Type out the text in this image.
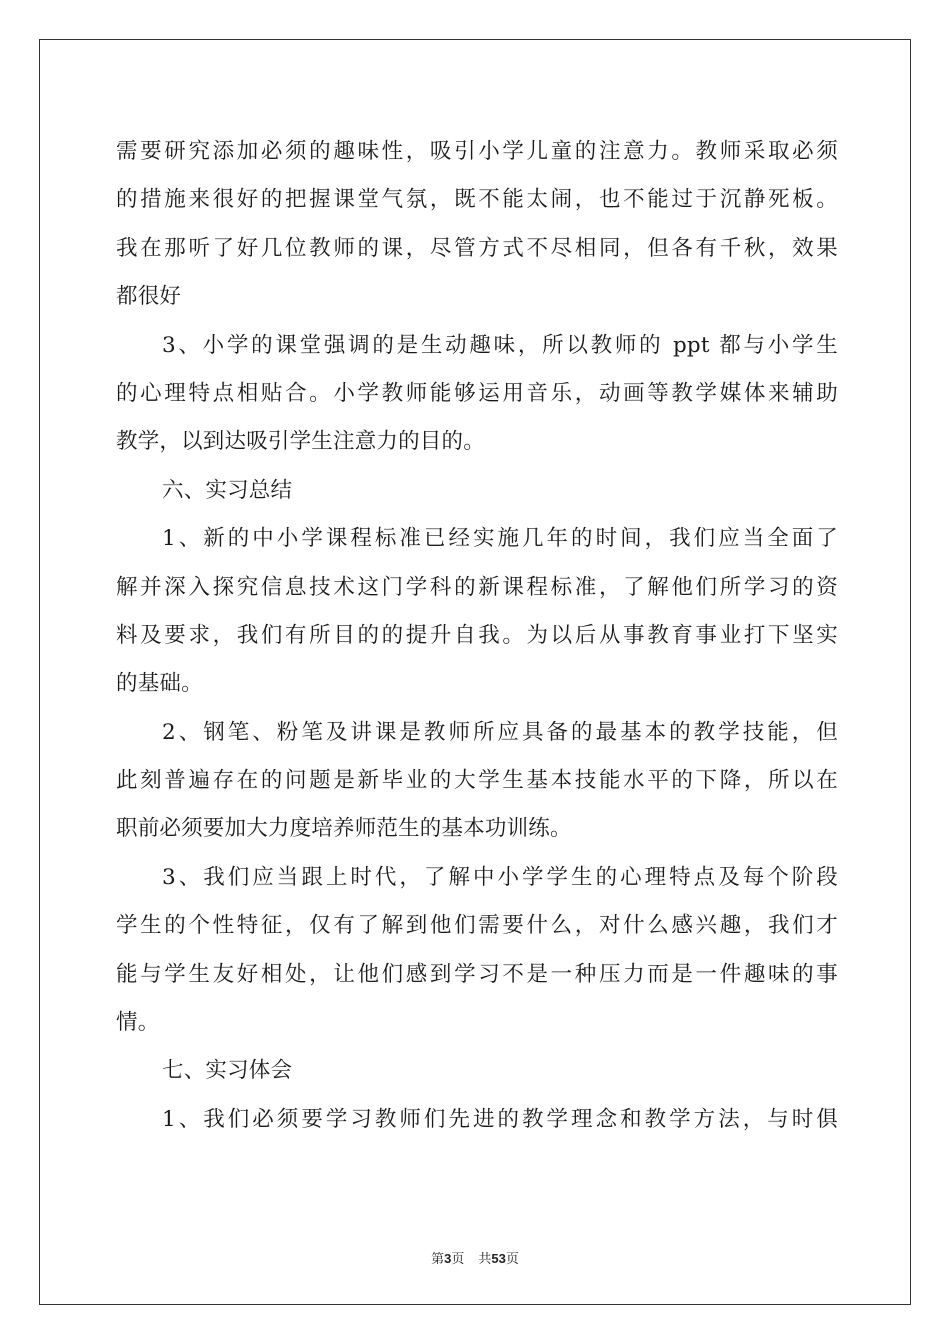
需要研究添加必须的趣味性，吸引小学儿童的注意力。教师采取必须
的措施来很好的把握课堂气氛，既不能太闹，也不能过于沉静死板。
我在那听了好几位教师的课，尽管方式不尽相同，但各有千秋，效果
都很好
3、小学的课堂强调的是生动趣味，所以教师的 ppt 都与小学生
的心理特点相贴合。小学教师能够运用音乐，动画等教学媒体来辅助
教学，以到达吸引学生注意力的目的。
六、实习总结
1、新的中小学课程标准已经实施几年的时间，我们应当全面了
解并深入探究信息技术这门学科的新课程标准，了解他们所学习的资
料及要求，我们有所目的的提升自我。为以后从事教育事业打下坚实
的基础。
2、钢笔、粉笔及讲课是教师所应具备的最基本的教学技能，但
此刻普遍存在的问题是新毕业的大学生基本技能水平的下降，所以在
职前必须要加大力度培养师范生的基本功训练。
3、我们应当跟上时代，了解中小学学生的心理特点及每个阶段
学生的个性特征，仅有了解到他们需要什么，对什么感兴趣，我们才
能与学生友好相处，让他们感到学习不是一种压力而是一件趣味的事
情。
七、实习体会
1、我们必须要学习教师们先进的教学理念和教学方法，与时俱
第3页 共53页
